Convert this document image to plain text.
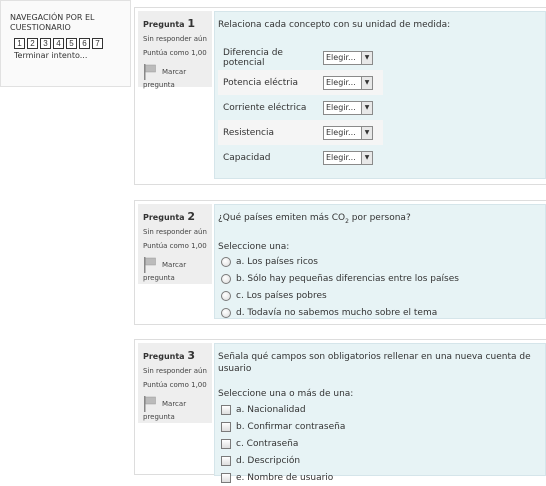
NAVEGACIÓN POR EL CUESTIONARIO
1	2	3	4	5	6	7
Terminar intento...
Pregunta 1
Sin responder aún
Puntúa como 1,00
Marcar
pregunta
Relaciona cada concepto con su unidad de medida:
Diferencia de potencial	Elegir... ▼

Potencia eléctria	Elegir... ▼

Corriente eléctrica	Elegir... ▼

Resistencia	Elegir... ▼

Capacidad	Elegir... ▼
Pregunta 2
Sin responder aún
Puntúa como 1,00
Marcar
pregunta
¿Qué países emiten más $CO_2$ por persona?
Seleccione una:
a. Los países ricos
b. Sólo hay pequeñas diferencias entre los países
c. Los países pobres
d. Todavía no sabemos mucho sobre el tema
Pregunta 3
Sin responder aún
Puntúa como 1,00
Marcar
pregunta
Señala qué campos son obligatorios rellenar en una nueva cuenta de usuario
Seleccione una o más de una:
a. Nacionalidad
b. Confirmar contraseña
c. Contraseña
d. Descripción
e. Nombre de usuario
